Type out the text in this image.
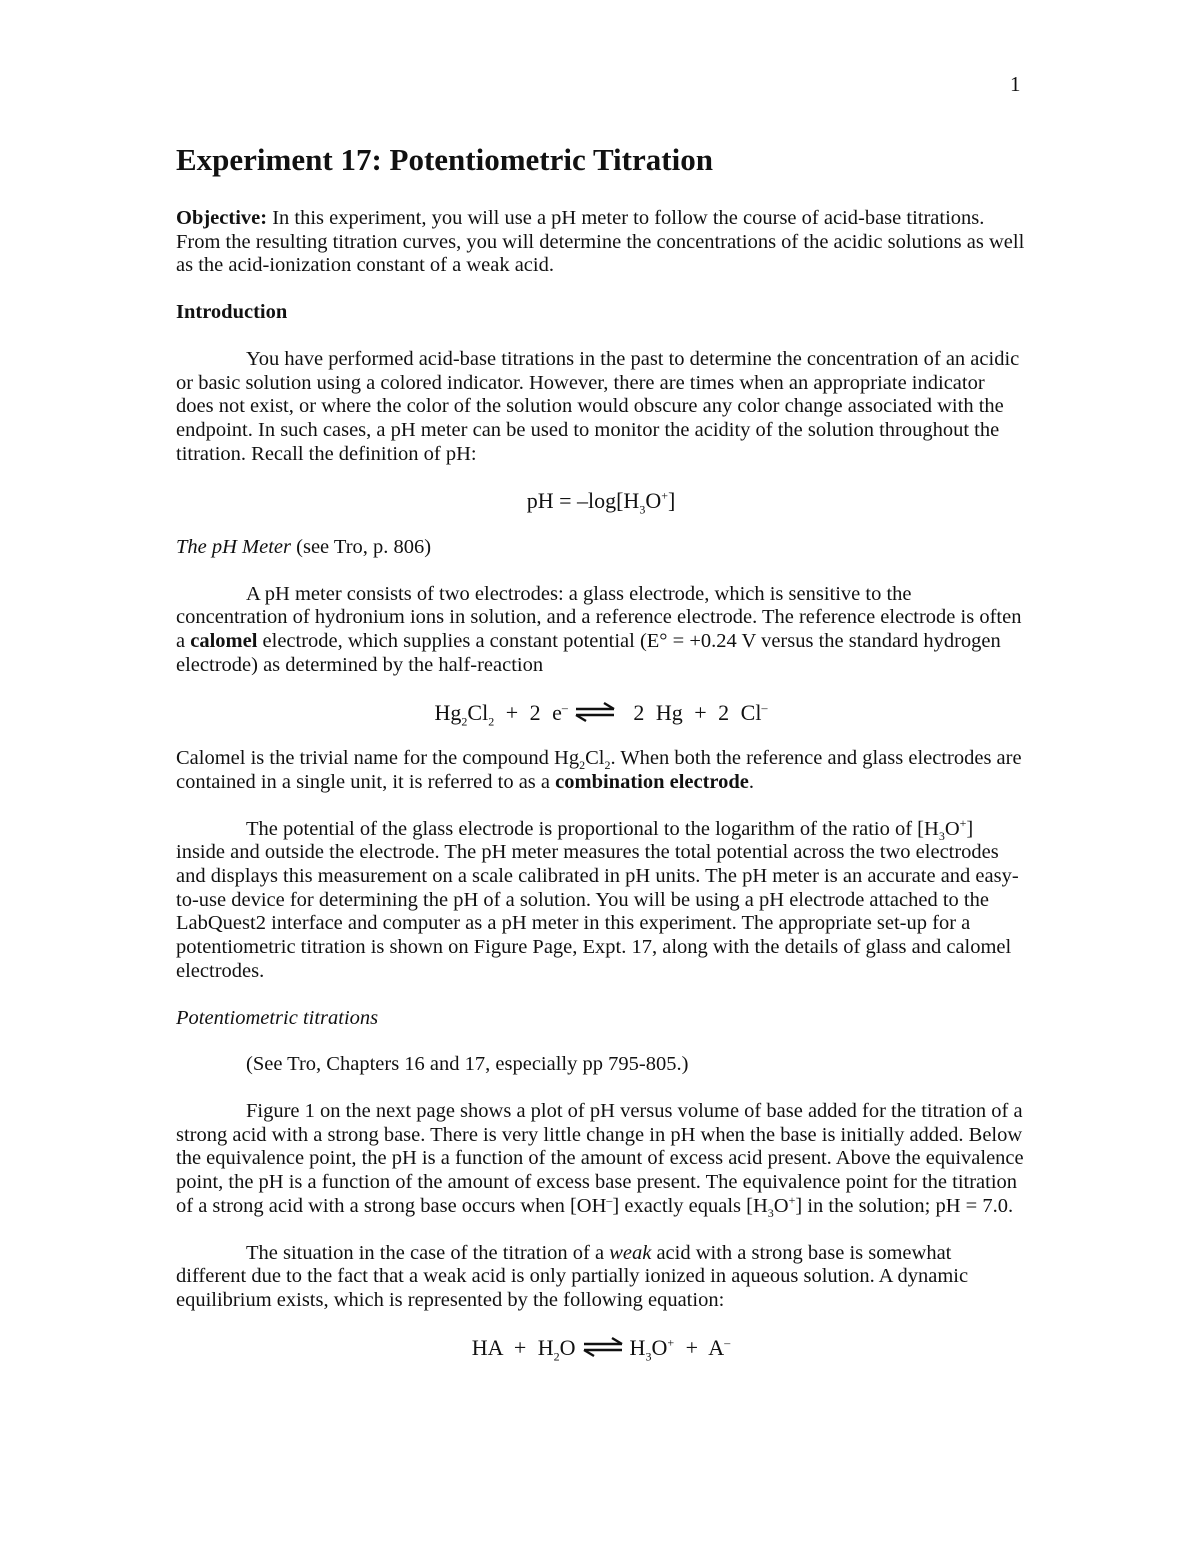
1
Experiment 17: Potentiometric Titration

Objective: In this experiment, you will use a pH meter to follow the course of acid-base titrations. From the resulting titration curves, you will determine the concentrations of the acidic solutions as well as the acid-ionization constant of a weak acid.

Introduction

You have performed acid-base titrations in the past to determine the concentration of an acidic or basic solution using a colored indicator. However, there are times when an appropriate indicator does not exist, or where the color of the solution would obscure any color change associated with the endpoint. In such cases, a pH meter can be used to monitor the acidity of the solution throughout the titration. Recall the definition of pH:

pH = $-\log[H_3O^+]$
The pH Meter (see Tro, p. 806)

A pH meter consists of two electrodes: a glass electrode, which is sensitive to the concentration of hydronium ions in solution, and a reference electrode. The reference electrode is often a calomel electrode, which supplies a constant potential (E° = +0.24 V versus the standard hydrogen electrode) as determined by the half-reaction

$Hg_2Cl_2 + 2$ e– ⇌ 2 Hg + 2 Cl–

Calomel is the trivial name for the compound $Hg_2Cl_2$. When both the reference and glass electrodes are contained in a single unit, it is referred to as a combination electrode.

The potential of the glass electrode is proportional to the logarithm of the ratio of $[H_3O^+]$ inside and outside the electrode. The pH meter measures the total potential across the two electrodes and displays this measurement on a scale calibrated in pH units. The pH meter is an accurate and easy-to-use device for determining the pH of a solution. You will be using a pH electrode attached to the LabQuest2 interface and computer as a pH meter in this experiment. The appropriate set-up for a potentiometric titration is shown on Figure Page, Expt. 17, along with the details of glass and calomel electrodes.

Potentiometric titrations

(See Tro, Chapters 16 and 17, especially pp 795-805.)

Figure 1 on the next page shows a plot of pH versus volume of base added for the titration of a strong acid with a strong base. There is very little change in pH when the base is initially added. Below the equivalence point, the pH is a function of the amount of excess acid present. Above the equivalence point, the pH is a function of the amount of excess base present. The equivalence point for the titration of a strong acid with a strong base occurs when [OH–] exactly equals $[H_3O^+]$ in the solution; pH = 7.0.

The situation in the case of the titration of a weak acid with a strong base is somewhat different due to the fact that a weak acid is only partially ionized in aqueous solution. A dynamic equilibrium exists, which is represented by the following equation:

HA + $H_2O$ ⇌ $H_3O^+ + A^-$
